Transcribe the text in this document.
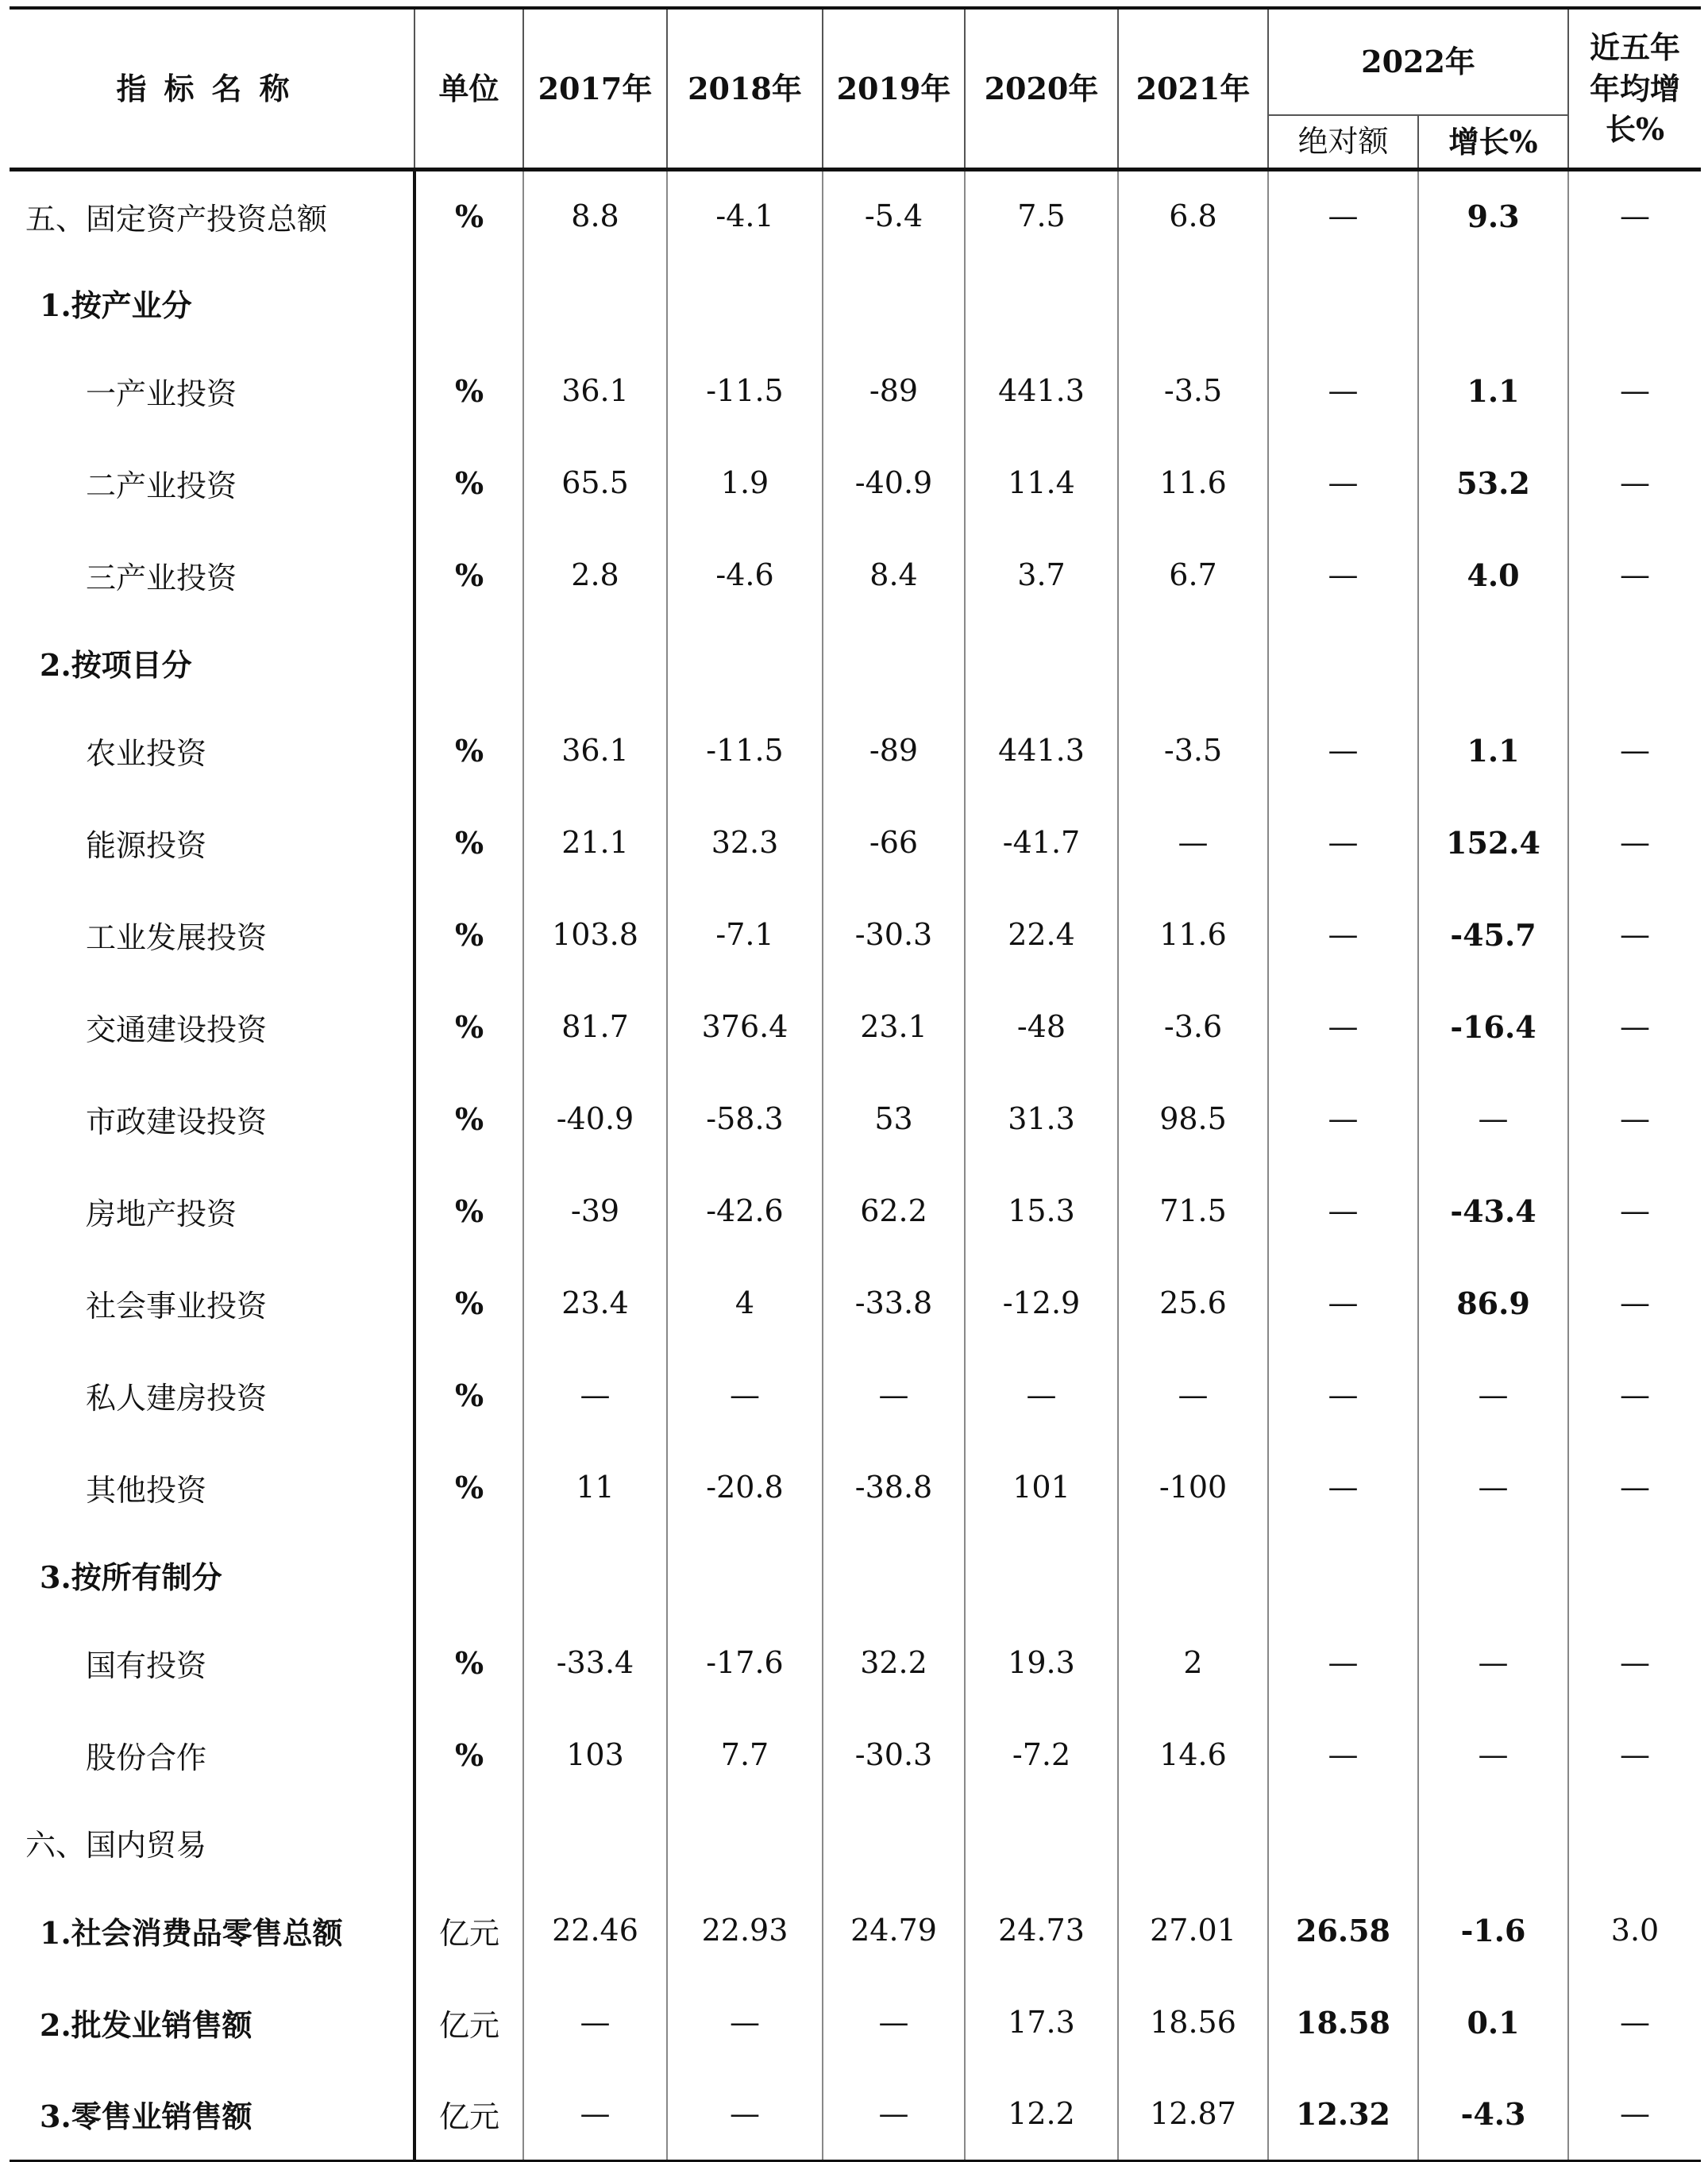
指标名称	单位	2017年	2018年	2019年	2020年	2021年	2022年		近五年年均增长%
							绝对额	增长%	
五、固定资产投资总额	%	8.8	-4.1	-5.4	7.5	6.8	—	9.3	—
1.按产业分									
一产业投资	%	36.1	-11.5	-89	441.3	-3.5	—	1.1	—
二产业投资	%	65.5	1.9	-40.9	11.4	11.6	—	53.2	—
三产业投资	%	2.8	-4.6	8.4	3.7	6.7	—	4.0	—
2.按项目分									
农业投资	%	36.1	-11.5	-89	441.3	-3.5	—	1.1	—
能源投资	%	21.1	32.3	-66	-41.7	—	—	152.4	—
工业发展投资	%	103.8	-7.1	-30.3	22.4	11.6	—	-45.7	—
交通建设投资	%	81.7	376.4	23.1	-48	-3.6	—	-16.4	—
市政建设投资	%	-40.9	-58.3	53	31.3	98.5	—	—	—
房地产投资	%	-39	-42.6	62.2	15.3	71.5	—	-43.4	—
社会事业投资	%	23.4	4	-33.8	-12.9	25.6	—	86.9	—
私人建房投资	%	—	—	—	—	—	—	—	—
其他投资	%	11	-20.8	-38.8	101	-100	—	—	—
3.按所有制分									
国有投资	%	-33.4	-17.6	32.2	19.3	2	—	—	—
股份合作	%	103	7.7	-30.3	-7.2	14.6	—	—	—
六、国内贸易									
1.社会消费品零售总额	亿元	22.46	22.93	24.79	24.73	27.01	26.58	-1.6	3.0
2.批发业销售额	亿元	—	—	—	17.3	18.56	18.58	0.1	—
3.零售业销售额	亿元	—	—	—	12.2	12.87	12.32	-4.3	—
